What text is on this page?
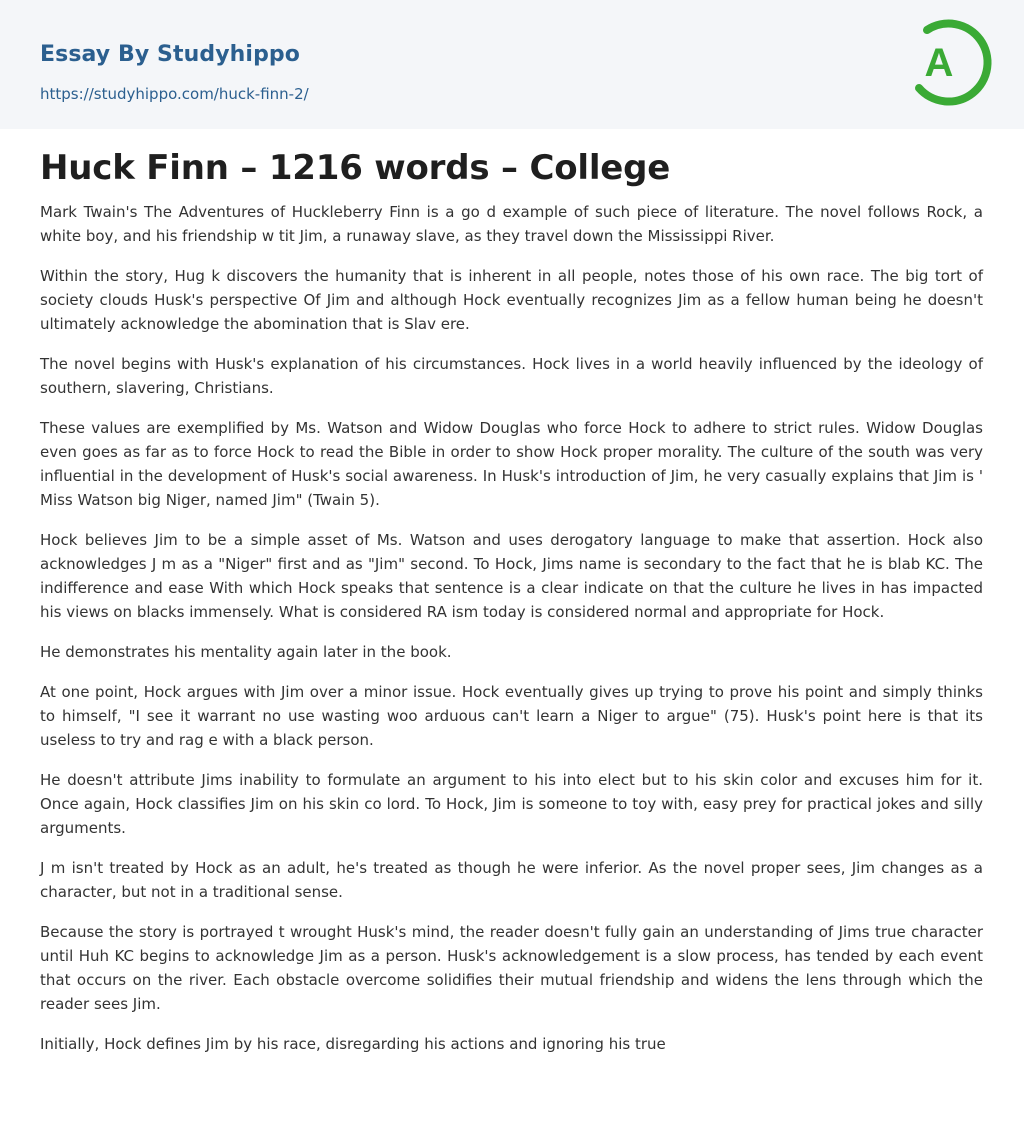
Essay By Studyhippo
https://studyhippo.com/huck-finn-2/
A
Huck Finn – 1216 words – College

Mark Twain's The Adventures of Huckleberry Finn is a go d example of such piece of literature. The novel follows Rock, a white boy, and his friendship w tit Jim, a runaway slave, as they travel down the Mississippi River.

Within the story, Hug k discovers the humanity that is inherent in all people, notes those of his own race. The big tort of society clouds Husk's perspective Of Jim and although Hock eventually recognizes Jim as a fellow human being he doesn't ultimately acknowledge the abomination that is Slav ere.

The novel begins with Husk's explanation of his circumstances. Hock lives in a world heavily influenced by the ideology of southern, slavering, Christians.

These values are exemplified by Ms. Watson and Widow Douglas who force Hock to adhere to strict rules. Widow Douglas even goes as far as to force Hock to read the Bible in order to show Hock proper morality. The culture of the south was very influential in the development of Husk's social awareness. In Husk's introduction of Jim, he very casually explains that Jim is ' Miss Watson big Niger, named Jim" (Twain 5).

Hock believes Jim to be a simple asset of Ms. Watson and uses derogatory language to make that assertion. Hock also acknowledges J m as a "Niger" first and as "Jim" second. To Hock, Jims name is secondary to the fact that he is blab KC. The indifference and ease With which Hock speaks that sentence is a clear indicate on that the culture he lives in has impacted his views on blacks immensely. What is considered RA ism today is considered normal and appropriate for Hock.

He demonstrates his mentality again later in the book.

At one point, Hock argues with Jim over a minor issue. Hock eventually gives up trying to prove his point and simply thinks to himself, "I see it warrant no use wasting woo arduous can't learn a Niger to argue" (75). Husk's point here is that its useless to try and rag e with a black person.

He doesn't attribute Jims inability to formulate an argument to his into elect but to his skin color and excuses him for it. Once again, Hock classifies Jim on his skin co lord. To Hock, Jim is someone to toy with, easy prey for practical jokes and silly arguments.

J m isn't treated by Hock as an adult, he's treated as though he were inferior. As the novel proper sees, Jim changes as a character, but not in a traditional sense.

Because the story is portrayed t wrought Husk's mind, the reader doesn't fully gain an understanding of Jims true character until Huh KC begins to acknowledge Jim as a person. Husk's acknowledgement is a slow process, has tended by each event that occurs on the river. Each obstacle overcome solidifies their mutual friendship and widens the lens through which the reader sees Jim.

Initially, Hock defines Jim by his race, disregarding his actions and ignoring his true
